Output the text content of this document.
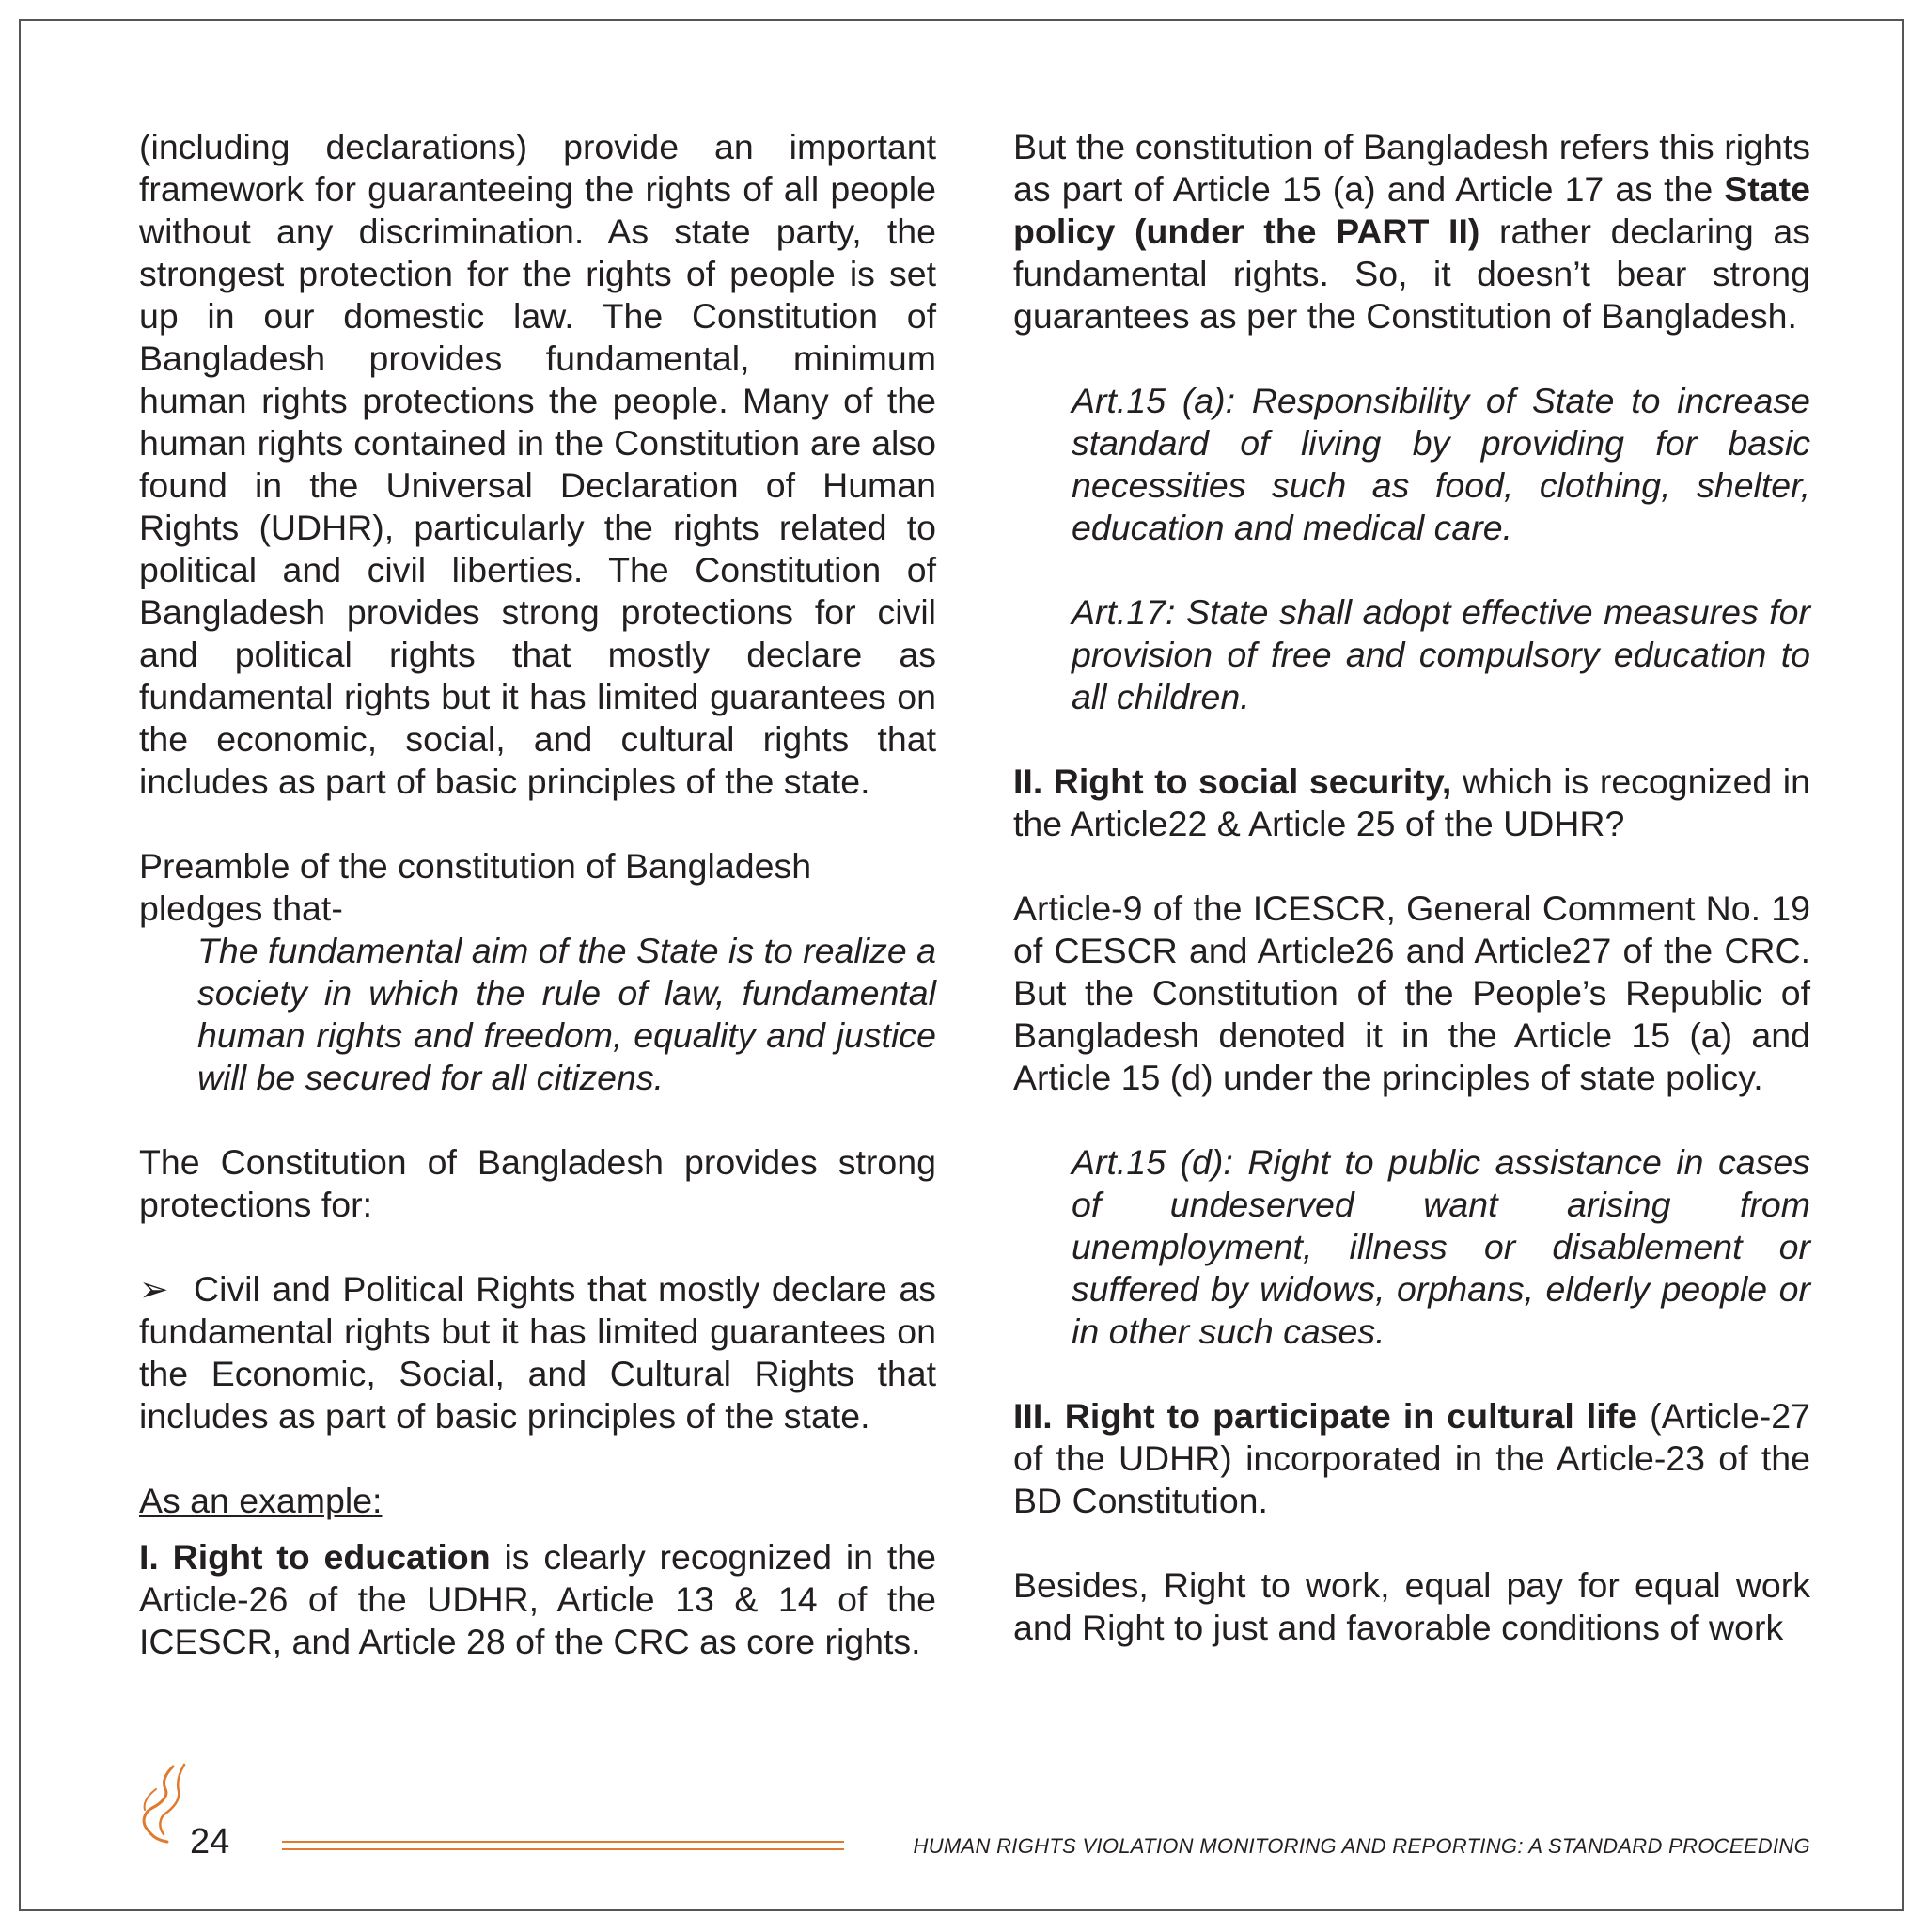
(including declarations) provide an important framework for guaranteeing the rights of all people without any discrimination. As state party, the strongest protection for the rights of people is set up in our domestic law. The Constitution of Bangladesh provides fundamental, minimum human rights protections the people. Many of the human rights contained in the Constitution are also found in the Universal Declaration of Human Rights (UDHR), particularly the rights related to political and civil liberties. The Constitution of Bangladesh provides strong protections for civil and political rights that mostly declare as fundamental rights but it has limited guarantees on the economic, social, and cultural rights that includes as part of basic principles of the state.

Preamble of the constitution of Bangladesh pledges that-

The fundamental aim of the State is to realize a society in which the rule of law, fundamental human rights and freedom, equality and justice will be secured for all citizens.

The Constitution of Bangladesh provides strong protections for:

➢ Civil and Political Rights that mostly declare as fundamental rights but it has limited guarantees on the Economic, Social, and Cultural Rights that includes as part of basic principles of the state.

As an example:

I. Right to education is clearly recognized in the Article-26 of the UDHR, Article 13 & 14 of the ICESCR, and Article 28 of the CRC as core rights.

But the constitution of Bangladesh refers this rights as part of Article 15 (a) and Article 17 as the State policy (under the PART II) rather declaring as fundamental rights. So, it doesn’t bear strong guarantees as per the Constitution of Bangladesh.

Art.15 (a): Responsibility of State to increase standard of living by providing for basic necessities such as food, clothing, shelter, education and medical care.

Art.17: State shall adopt effective measures for provision of free and compulsory education to all children.

II. Right to social security, which is recognized in the Article22 & Article 25 of the UDHR?

Article-9 of the ICESCR, General Comment No. 19 of CESCR and Article26 and Article27 of the CRC. But the Constitution of the People’s Republic of Bangladesh denoted it in the Article 15 (a) and Article 15 (d) under the principles of state policy.

Art.15 (d): Right to public assistance in cases of undeserved want arising from unemployment, illness or disablement or suffered by widows, orphans, elderly people or in other such cases.

III. Right to participate in cultural life (Article-27 of the UDHR) incorporated in the Article-23 of the BD Constitution.

Besides, Right to work, equal pay for equal work and Right to just and favorable conditions of work

24	HUMAN RIGHTS VIOLATION MONITORING AND REPORTING: A STANDARD PROCEEDING
